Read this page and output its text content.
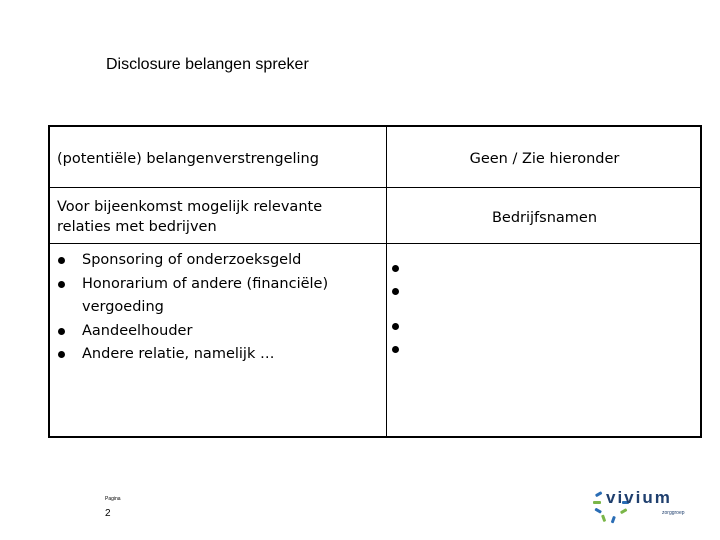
Disclosure belangen spreker
(potentiële) belangenverstrengeling	Geen / Zie hieronder
Voor bijeenkomst mogelijk relevante relaties met bedrijven
Bedrijfsnamen
Sponsoring of onderzoeksgeld
Honorarium of andere (financiële) vergoeding
Aandeelhouder
Andere relatie, namelijk …
Pagina
2
vivium
zorggroep
